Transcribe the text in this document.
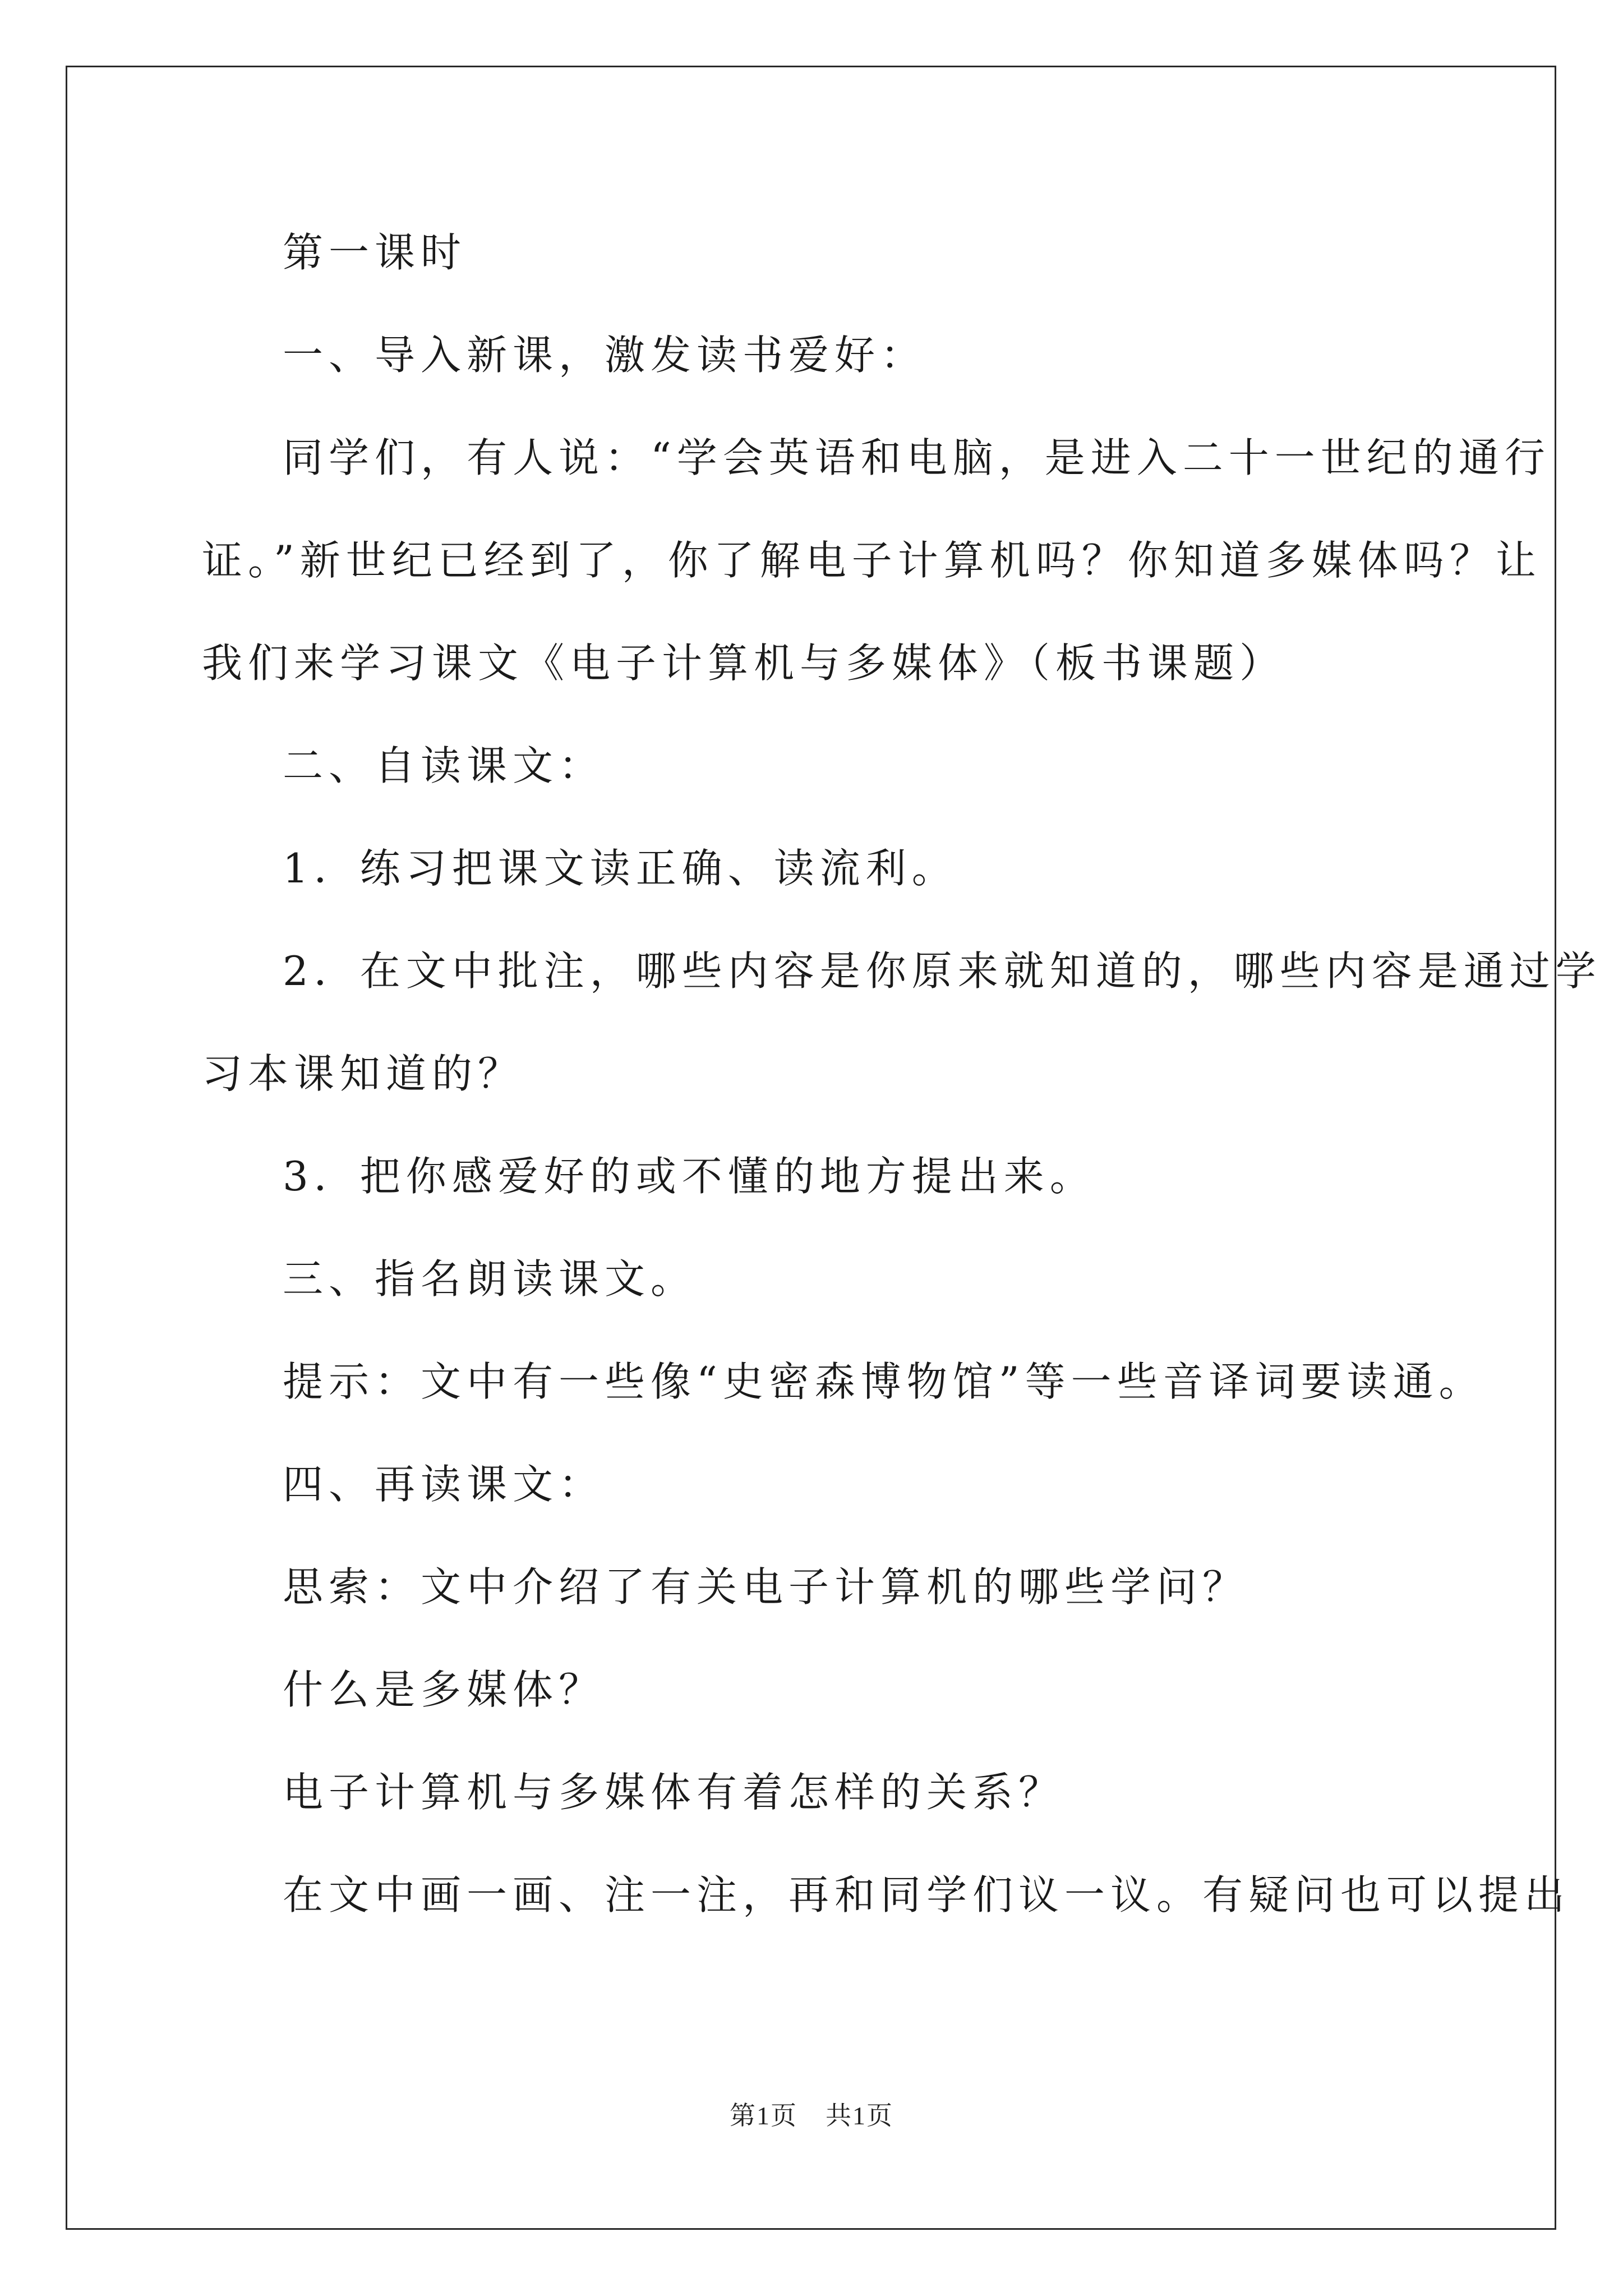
第一课时

一、导入新课，激发读书爱好：

同学们，有人说：“学会英语和电脑，是进入二十一世纪的通行

证。”新世纪已经到了，你了解电子计算机吗？你知道多媒体吗？让

我们来学习课文《电子计算机与多媒体》（板书课题）

二、自读课文：

1．练习把课文读正确、读流利。

2．在文中批注，哪些内容是你原来就知道的，哪些内容是通过学

习本课知道的？

3．把你感爱好的或不懂的地方提出来。

三、指名朗读课文。

提示：文中有一些像“史密森博物馆”等一些音译词要读通。

四、再读课文：

思索：文中介绍了有关电子计算机的哪些学问？

什么是多媒体？

电子计算机与多媒体有着怎样的关系？

在文中画一画、注一注，再和同学们议一议。有疑问也可以提出

第1页 共1页
